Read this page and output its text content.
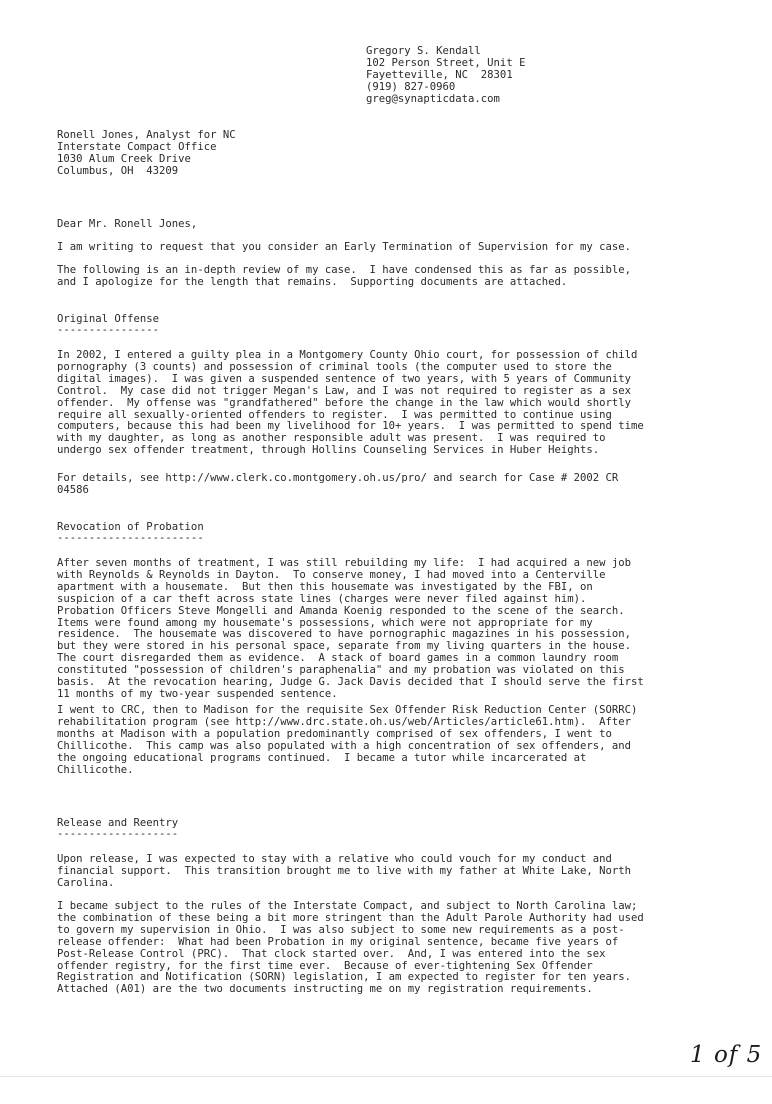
Gregory S. Kendall
102 Person Street, Unit E
Fayetteville, NC  28301
(919) 827-0960
greg@synapticdata.com
Ronell Jones, Analyst for NC
Interstate Compact Office
1030 Alum Creek Drive
Columbus, OH  43209

Dear Mr. Ronell Jones,

I am writing to request that you consider an Early Termination of Supervision for my case.

The following is an in-depth review of my case.  I have condensed this as far as possible,
and I apologize for the length that remains.  Supporting documents are attached.

Original Offense
----------------

In 2002, I entered a guilty plea in a Montgomery County Ohio court, for possession of child
pornography (3 counts) and possession of criminal tools (the computer used to store the
digital images).  I was given a suspended sentence of two years, with 5 years of Community
Control.  My case did not trigger Megan's Law, and I was not required to register as a sex
offender.  My offense was "grandfathered" before the change in the law which would shortly
require all sexually-oriented offenders to register.  I was permitted to continue using
computers, because this had been my livelihood for 10+ years.  I was permitted to spend time
with my daughter, as long as another responsible adult was present.  I was required to
undergo sex offender treatment, through Hollins Counseling Services in Huber Heights.

For details, see http://www.clerk.co.montgomery.oh.us/pro/ and search for Case # 2002 CR
04586

Revocation of Probation
-----------------------

After seven months of treatment, I was still rebuilding my life:  I had acquired a new job
with Reynolds & Reynolds in Dayton.  To conserve money, I had moved into a Centerville
apartment with a housemate.  But then this housemate was investigated by the FBI, on
suspicion of a car theft across state lines (charges were never filed against him).
Probation Officers Steve Mongelli and Amanda Koenig responded to the scene of the search.
Items were found among my housemate's possessions, which were not appropriate for my
residence.  The housemate was discovered to have pornographic magazines in his possession,
but they were stored in his personal space, separate from my living quarters in the house.
The court disregarded them as evidence.  A stack of board games in a common laundry room
constituted "possession of children's paraphenalia" and my probation was violated on this
basis.  At the revocation hearing, Judge G. Jack Davis decided that I should serve the first
11 months of my two-year suspended sentence.

I went to CRC, then to Madison for the requisite Sex Offender Risk Reduction Center (SORRC)
rehabilitation program (see http://www.drc.state.oh.us/web/Articles/article61.htm).  After
months at Madison with a population predominantly comprised of sex offenders, I went to
Chillicothe.  This camp was also populated with a high concentration of sex offenders, and
the ongoing educational programs continued.  I became a tutor while incarcerated at
Chillicothe.

Release and Reentry
-------------------

Upon release, I was expected to stay with a relative who could vouch for my conduct and
financial support.  This transition brought me to live with my father at White Lake, North
Carolina.

I became subject to the rules of the Interstate Compact, and subject to North Carolina law;
the combination of these being a bit more stringent than the Adult Parole Authority had used
to govern my supervision in Ohio.  I was also subject to some new requirements as a post-
release offender:  What had been Probation in my original sentence, became five years of
Post-Release Control (PRC).  That clock started over.  And, I was entered into the sex
offender registry, for the first time ever.  Because of ever-tightening Sex Offender
Registration and Notification (SORN) legislation, I am expected to register for ten years.
Attached (A01) are the two documents instructing me on my registration requirements.

1 of 5
